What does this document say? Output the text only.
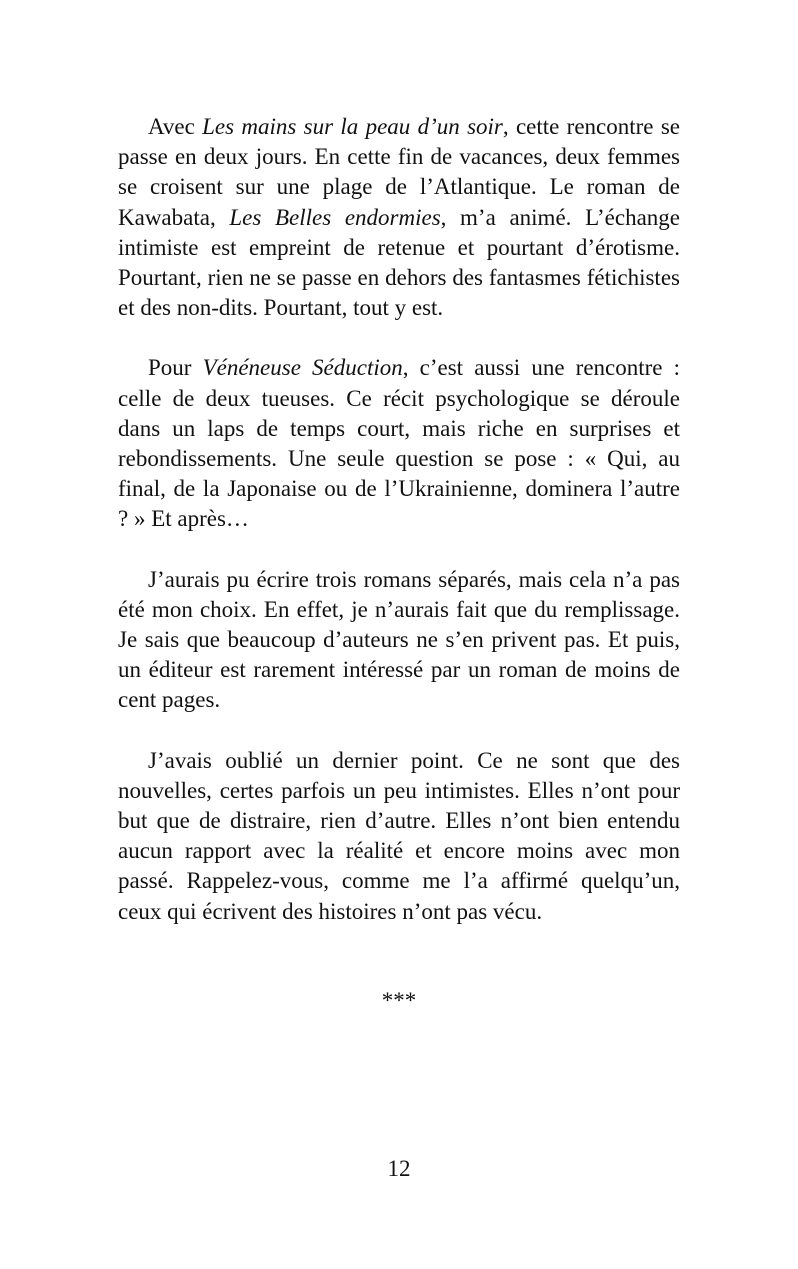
Avec Les mains sur la peau d’un soir, cette rencontre se passe en deux jours. En cette fin de vacances, deux femmes se croisent sur une plage de l’Atlantique. Le roman de Kawabata, Les Belles endormies, m’a animé. L’échange intimiste est empreint de retenue et pourtant d’érotisme. Pourtant, rien ne se passe en dehors des fantasmes fétichistes et des non-dits. Pourtant, tout y est.

Pour Vénéneuse Séduction, c’est aussi une rencontre : celle de deux tueuses. Ce récit psychologique se déroule dans un laps de temps court, mais riche en surprises et rebondissements. Une seule question se pose : « Qui, au final, de la Japonaise ou de l’Ukrainienne, dominera l’autre ? » Et après…

J’aurais pu écrire trois romans séparés, mais cela n’a pas été mon choix. En effet, je n’aurais fait que du remplissage. Je sais que beaucoup d’auteurs ne s’en privent pas. Et puis, un éditeur est rarement intéressé par un roman de moins de cent pages.

J’avais oublié un dernier point. Ce ne sont que des nouvelles, certes parfois un peu intimistes. Elles n’ont pour but que de distraire, rien d’autre. Elles n’ont bien entendu aucun rapport avec la réalité et encore moins avec mon passé. Rappelez-vous, comme me l’a affirmé quelqu’un, ceux qui écrivent des histoires n’ont pas vécu.

***

12
